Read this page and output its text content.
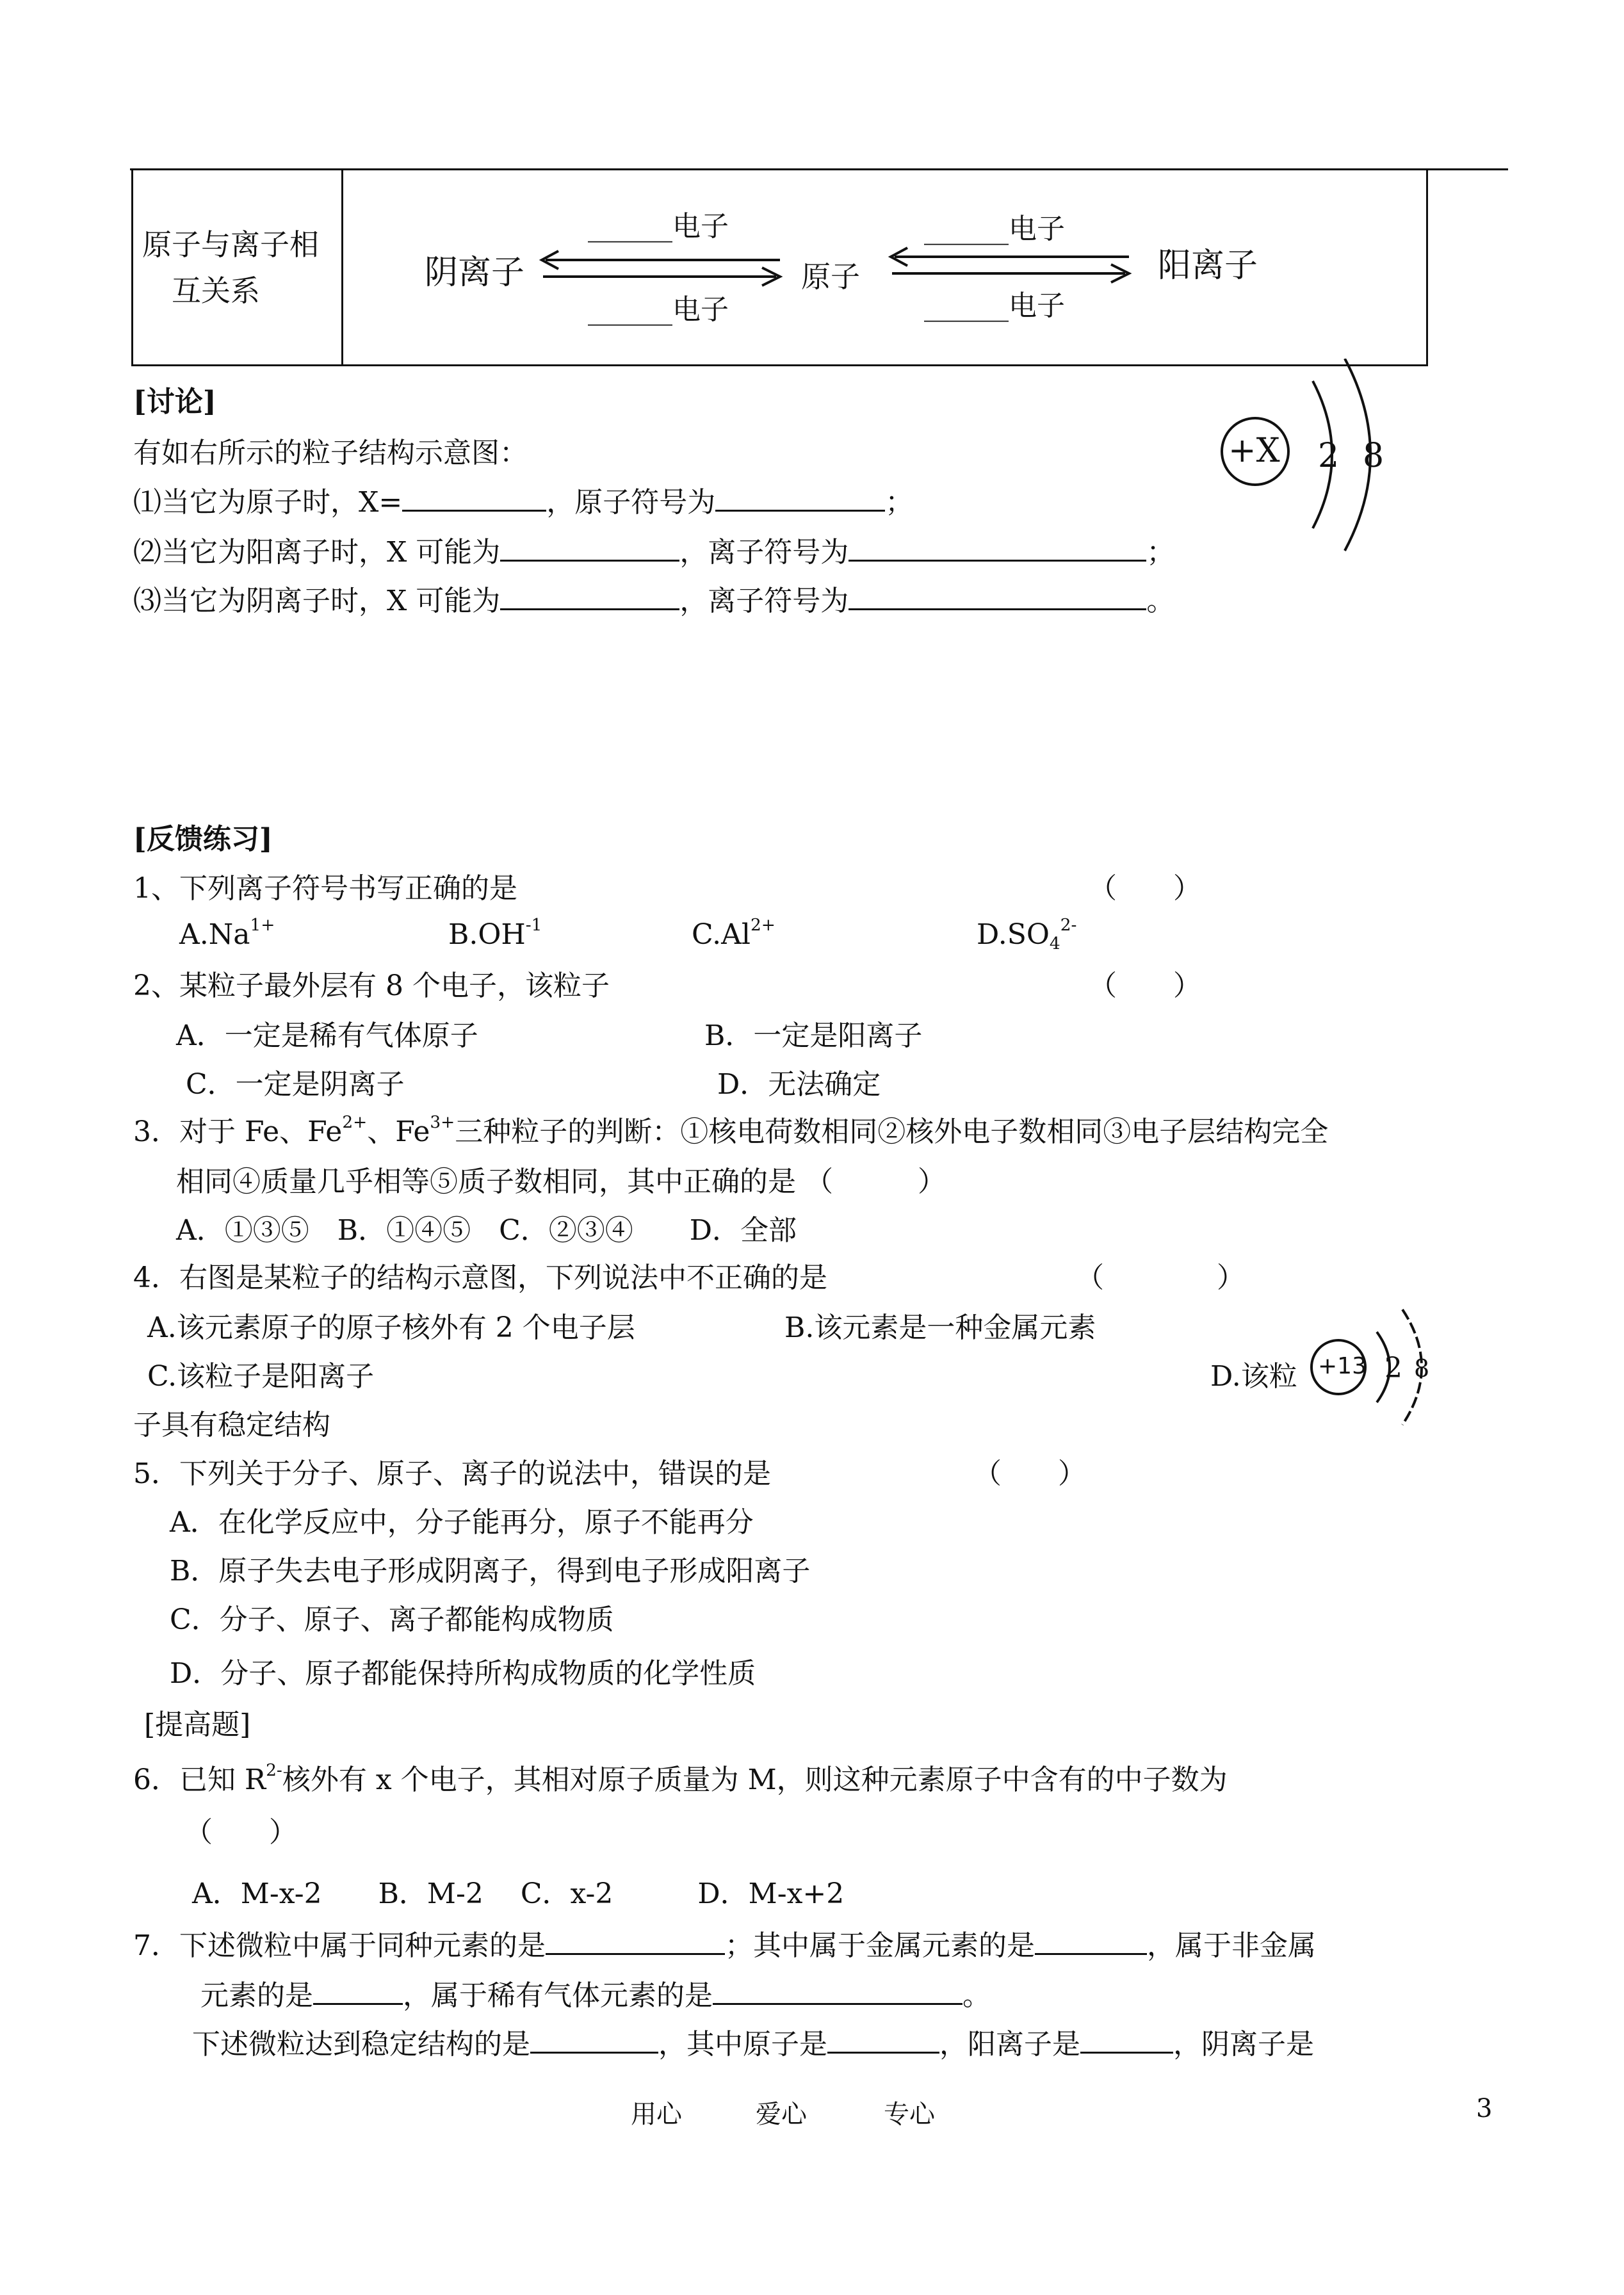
原子与离子相
互关系	阴离子	原子	阳离子
______电子
______电子
______电子
______电子
[讨论]
有如右所示的粒子结构示意图：
⑴当它为原子时，X=	，原子符号为	；
⑵当它为阳离子时，X 可能为	，离子符号为	；
⑶当它为阴离子时，X 可能为	，离子符号为	。
+X 2 8
[反馈练习]
1、下列离子符号书写正确的是	（　　）
$A.Na^{1+}$	$B.OH^{-1}$	$C.Al^{2+}$	$D.SO_4^{2-}$
2、某粒子最外层有 8 个电子，该粒子	（　　）
A．一定是稀有气体原子	B．一定是阳离子
C．一定是阴离子	D．无法确定
3．对于 Fe、$Fe^{2+}$、$Fe^{3+}$三种粒子的判断：①核电荷数相同②核外电子数相同③电子层结构完全
相同④质量几乎相等⑤质子数相同，其中正确的是 （　　　）
A．①③⑤　B．①④⑤　C．②③④　　D．全部
4．右图是某粒子的结构示意图，下列说法中不正确的是	（　　　　）
A.该元素原子的原子核外有 2 个电子层	B.该元素是一种金属元素
C.该粒子是阳离子	D.该粒
子具有稳定结构
+13 2 8
5．下列关于分子、原子、离子的说法中，错误的是	（　　）
A．在化学反应中，分子能再分，原子不能再分
B．原子失去电子形成阴离子，得到电子形成阳离子
C．分子、原子、离子都能构成物质
D．分子、原子都能保持所构成物质的化学性质
[提高题]
6．已知 $R^{2-}$核外有 x 个电子，其相对原子质量为 M，则这种元素原子中含有的中子数为
（　　）
A．M-x-2　　B．M-2　 C．x-2　　　D．M-x+2
7．下述微粒中属于同种元素的是	；其中属于金属元素的是	，属于非金属
元素的是	，属于稀有气体元素的是	。
下述微粒达到稳定结构的是	，其中原子是	，阳离子是	，阴离子是
用心	爱心	专心	3
